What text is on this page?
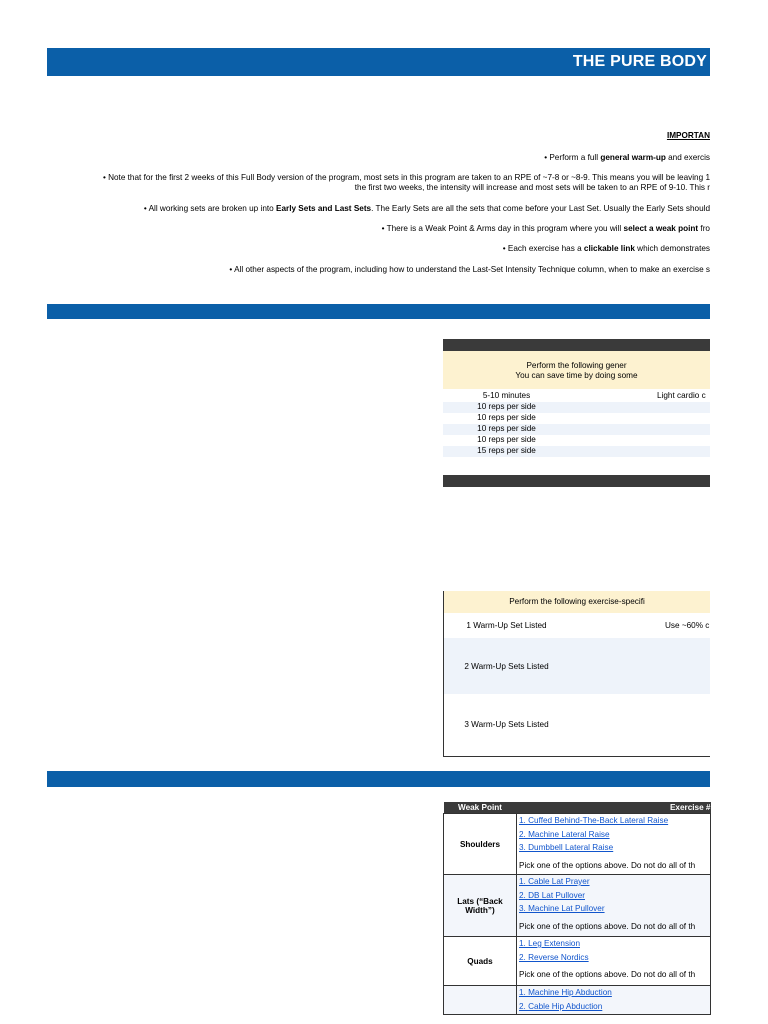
THE PURE BODY
IMPORTAN
• Perform a full general warm-up and exercis
• Note that for the first 2 weeks of this Full Body version of the program, most sets in this program are taken to an RPE of ~7-8 or ~8-9. This means you will be leaving 1
the first two weeks, the intensity will increase and most sets will be taken to an RPE of 9-10. This r
• All working sets are broken up into Early Sets and Last Sets. The Early Sets are all the sets that come before your Last Set. Usually the Early Sets should
• There is a Weak Point & Arms day in this program where you will select a weak point fro
• Each exercise has a clickable link which demonstrates
• All other aspects of the program, including how to understand the Last-Set Intensity Technique column, when to make an exercise s
Perform the following gener
You can save time by doing some
5-10 minutes	Light cardio c
10 reps per side
10 reps per side
10 reps per side
10 reps per side
15 reps per side
Perform the following exercise-specifi
1 Warm-Up Set Listed	Use ~60% c
2 Warm-Up Sets Listed
3 Warm-Up Sets Listed
Weak Point	Exercise #
Shoulders	1. Cuffed Behind-The-Back Lateral Raise
2. Machine Lateral Raise
3. Dumbbell Lateral Raise
Pick one of the options above. Do not do all of th

Lats (“Back Width”)	1. Cable Lat Prayer
2. DB Lat Pullover
3. Machine Lat Pullover
Pick one of the options above. Do not do all of th

Quads	1. Leg Extension
2. Reverse Nordics
Pick one of the options above. Do not do all of th

	1. Machine Hip Abduction
2. Cable Hip Abduction
